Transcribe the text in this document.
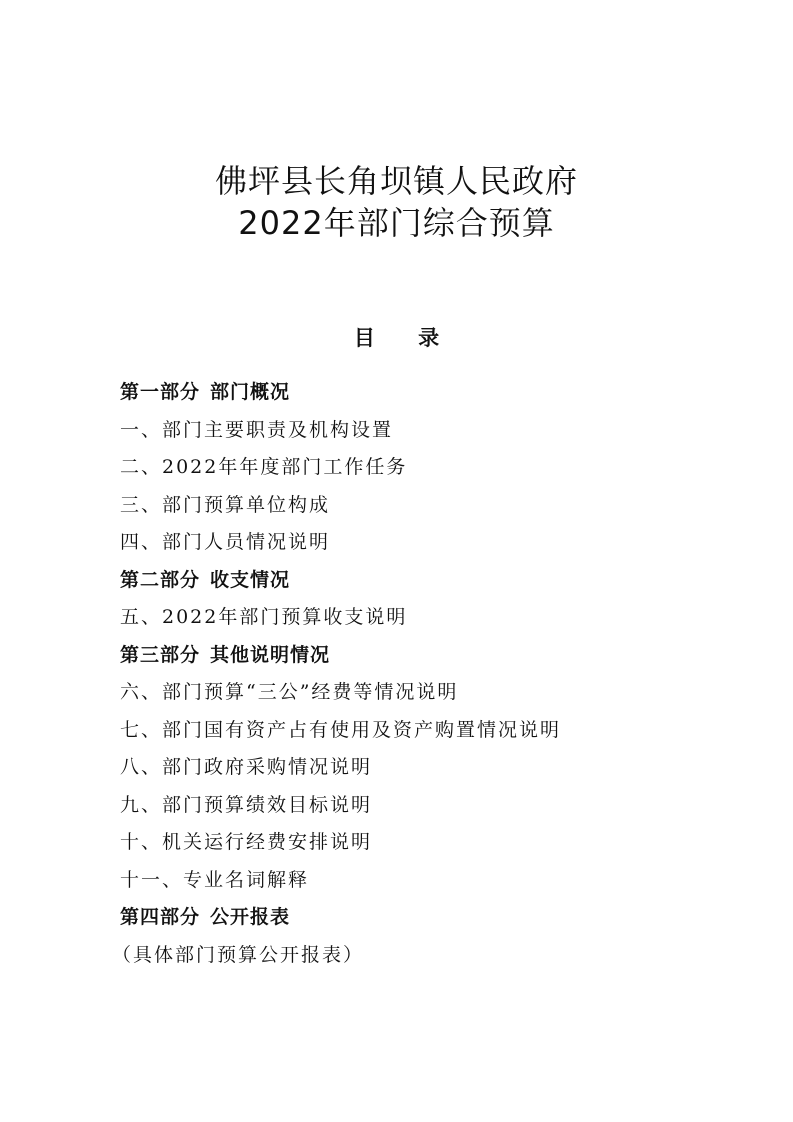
佛坪县长角坝镇人民政府
2022年部门综合预算
目 录
第一部分 部门概况
一、部门主要职责及机构设置
二、2022年年度部门工作任务
三、部门预算单位构成
四、部门人员情况说明
第二部分 收支情况
五、2022年部门预算收支说明
第三部分 其他说明情况
六、部门预算“三公”经费等情况说明
七、部门国有资产占有使用及资产购置情况说明
八、部门政府采购情况说明
九、部门预算绩效目标说明
十、机关运行经费安排说明
十一、专业名词解释
第四部分 公开报表
（具体部门预算公开报表）
